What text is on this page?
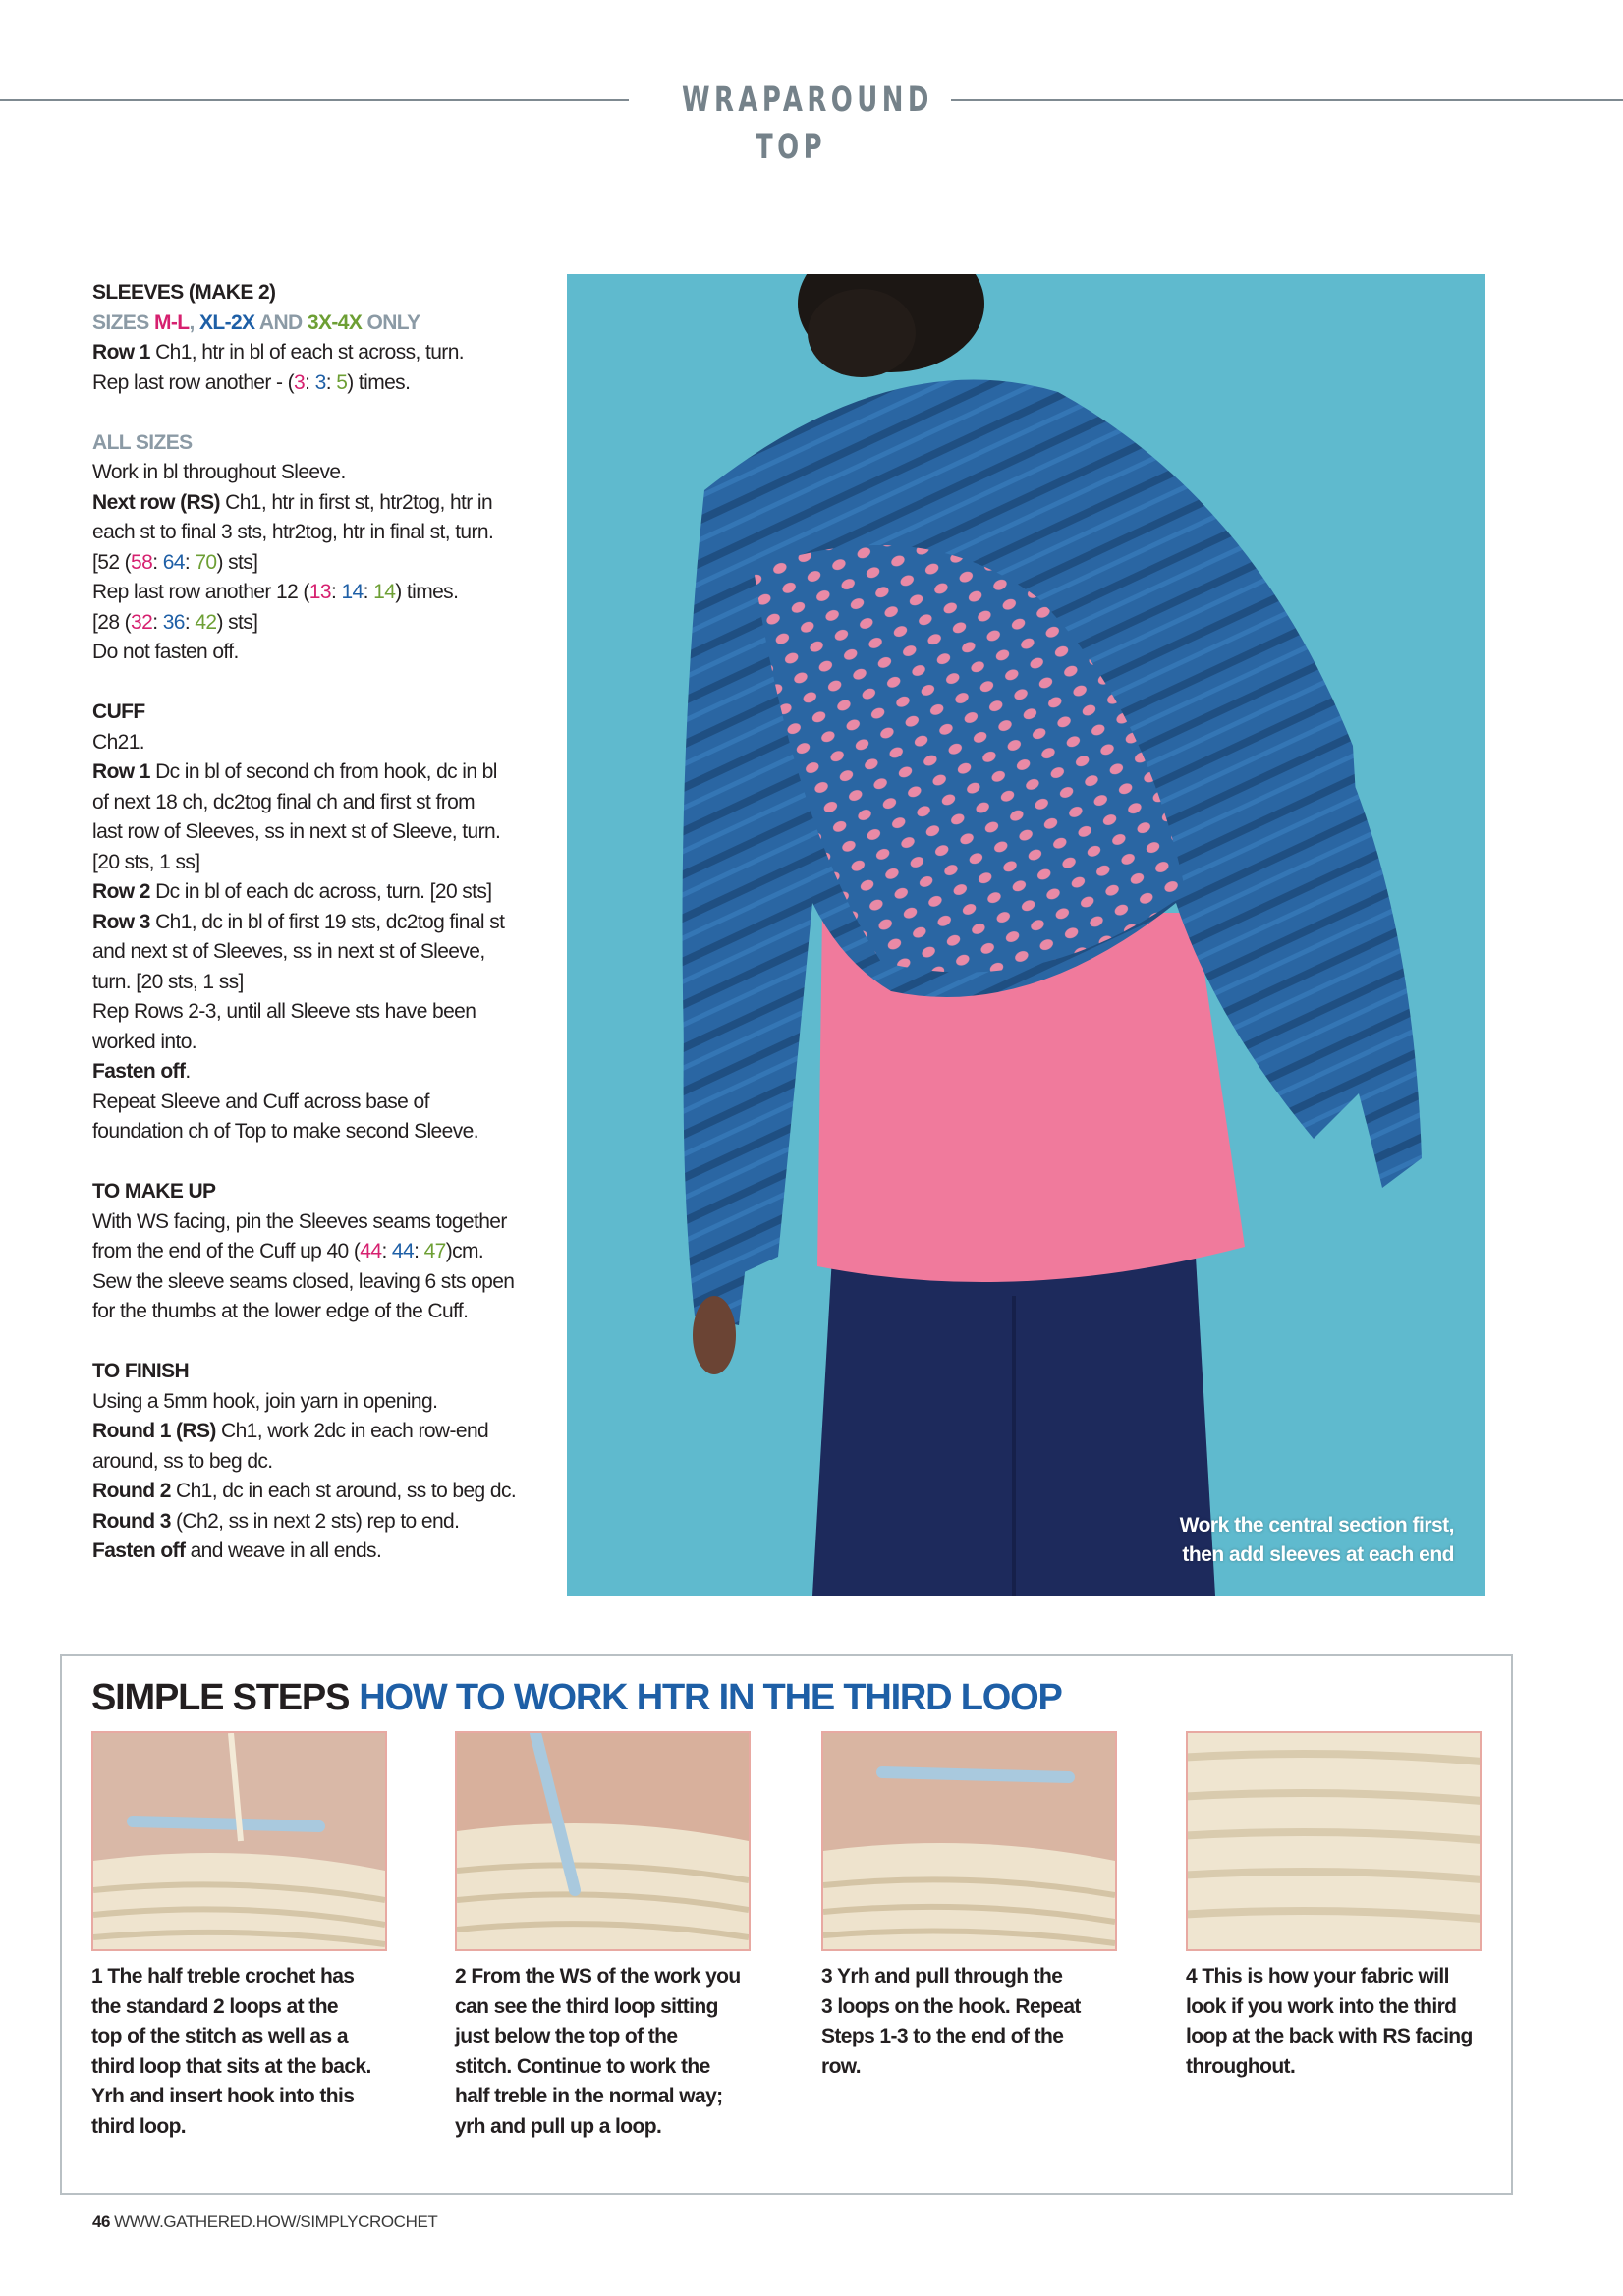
WRAPAROUND TOP

SLEEVES (MAKE 2)

SIZES M-L, XL-2X AND 3X-4X ONLY

Row 1 Ch1, htr in bl of each st across, turn.

Rep last row another - (3: 3: 5) times.

ALL SIZES

Work in bl throughout Sleeve.

Next row (RS) Ch1, htr in first st, htr2tog, htr in

each st to final 3 sts, htr2tog, htr in final st, turn.

[52 (58: 64: 70) sts]

Rep last row another 12 (13: 14: 14) times.

[28 (32: 36: 42) sts]

Do not fasten off.

CUFF

Ch21.

Row 1 Dc in bl of second ch from hook, dc in bl

of next 18 ch, dc2tog final ch and first st from

last row of Sleeves, ss in next st of Sleeve, turn.

[20 sts, 1 ss]

Row 2 Dc in bl of each dc across, turn. [20 sts]

Row 3 Ch1, dc in bl of first 19 sts, dc2tog final st

and next st of Sleeves, ss in next st of Sleeve,

turn. [20 sts, 1 ss]

Rep Rows 2-3, until all Sleeve sts have been

worked into.

Fasten off.

Repeat Sleeve and Cuff across base of

foundation ch of Top to make second Sleeve.

TO MAKE UP

With WS facing, pin the Sleeves seams together

from the end of the Cuff up 40 (44: 44: 47)cm.

Sew the sleeve seams closed, leaving 6 sts open

for the thumbs at the lower edge of the Cuff.

TO FINISH

Using a 5mm hook, join yarn in opening.

Round 1 (RS) Ch1, work 2dc in each row-end

around, ss to beg dc.

Round 2 Ch1, dc in each st around, ss to beg dc.

Round 3 (Ch2, ss in next 2 sts) rep to end.

Fasten off and weave in all ends.

Work the central section first,
then add sleeves at each end
SIMPLE STEPS HOW TO WORK HTR IN THE THIRD LOOP
1 The half treble crochet has
the standard 2 loops at the
top of the stitch as well as a
third loop that sits at the back.
Yrh and insert hook into this
third loop.
2 From the WS of the work you
can see the third loop sitting
just below the top of the
stitch. Continue to work the
half treble in the normal way;
yrh and pull up a loop.
3 Yrh and pull through the
3 loops on the hook. Repeat
Steps 1-3 to the end of the
row.
4 This is how your fabric will
look if you work into the third
loop at the back with RS facing
throughout.
46 WWW.GATHERED.HOW/SIMPLYCROCHET
